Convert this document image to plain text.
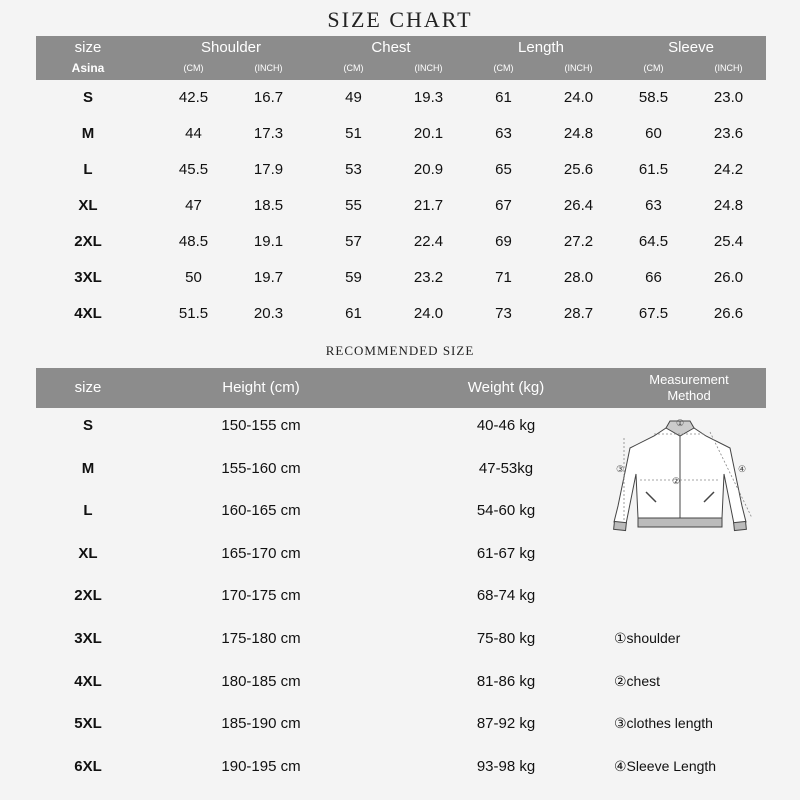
SIZE CHART
size	Shoulder	Chest	Length	Sleeve
Asina	(CM)	(INCH)	(CM)	(INCH)	(CM)	(INCH)	(CM)	(INCH)
S	42.5	16.7	49	19.3	61	24.0	58.5	23.0
M	44	17.3	51	20.1	63	24.8	60	23.6
L	45.5	17.9	53	20.9	65	25.6	61.5	24.2
XL	47	18.5	55	21.7	67	26.4	63	24.8
2XL	48.5	19.1	57	22.4	69	27.2	64.5	25.4
3XL	50	19.7	59	23.2	71	28.0	66	26.0
4XL	51.5	20.3	61	24.0	73	28.7	67.5	26.6
RECOMMENDED SIZE
size	Height (cm)	Weight (kg)	Measurement
Method
S	150-155 cm	40-46 kg
M	155-160 cm	47-53kg
L	160-165 cm	54-60 kg
XL	165-170 cm	61-67 kg
2XL	170-175 cm	68-74 kg
3XL	175-180 cm	75-80 kg
4XL	180-185 cm	81-86 kg
5XL	185-190 cm	87-92 kg
6XL	190-195 cm	93-98 kg
①
②
③	④
①shoulder
②chest
③clothes length
④Sleeve Length
